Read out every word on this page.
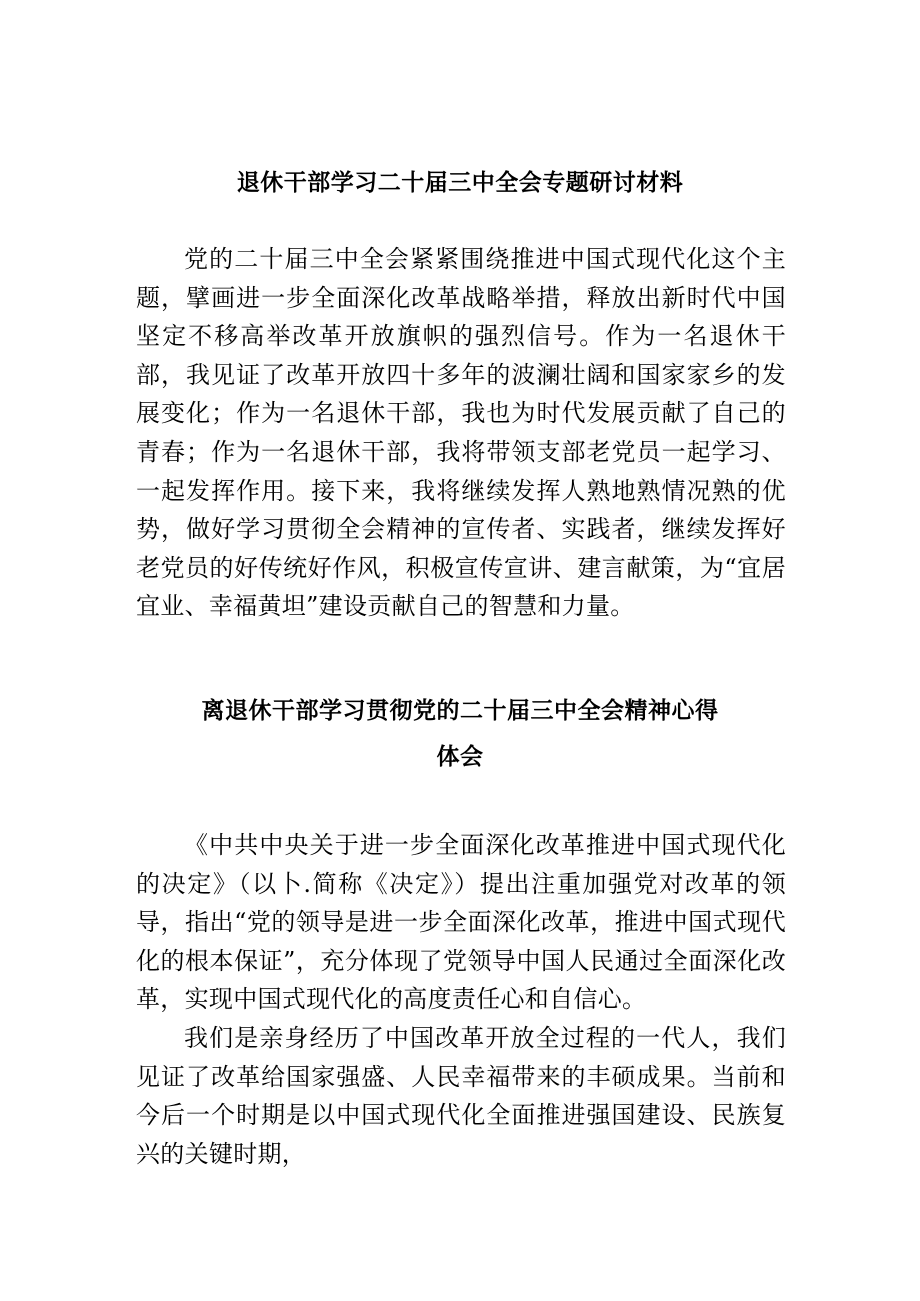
退休干部学习二十届三中全会专题研讨材料

党的二十届三中全会紧紧围绕推进中国式现代化这个主题，擘画进一步全面深化改革战略举措，释放出新时代中国坚定不移高举改革开放旗帜的强烈信号。作为一名退休干部，我见证了改革开放四十多年的波澜壮阔和国家家乡的发展变化；作为一名退休干部，我也为时代发展贡献了自己的青春；作为一名退休干部，我将带领支部老党员一起学习、一起发挥作用。接下来，我将继续发挥人熟地熟情况熟的优势，做好学习贯彻全会精神的宣传者、实践者，继续发挥好老党员的好传统好作风，积极宣传宣讲、建言献策，为“宜居宜业、幸福黄坦”建设贡献自己的智慧和力量。

离退休干部学习贯彻党的二十届三中全会精神心得体会

《中共中央关于进一步全面深化改革推进中国式现代化的决定》（以卜.简称《决定》）提出注重加强党对改革的领导，指出“党的领导是进一步全面深化改革，推进中国式现代化的根本保证”，充分体现了党领导中国人民通过全面深化改革，实现中国式现代化的高度责任心和自信心。

我们是亲身经历了中国改革开放全过程的一代人，我们见证了改革给国家强盛、人民幸福带来的丰硕成果。当前和今后一个时期是以中国式现代化全面推进强国建设、民族复兴的关键时期，
